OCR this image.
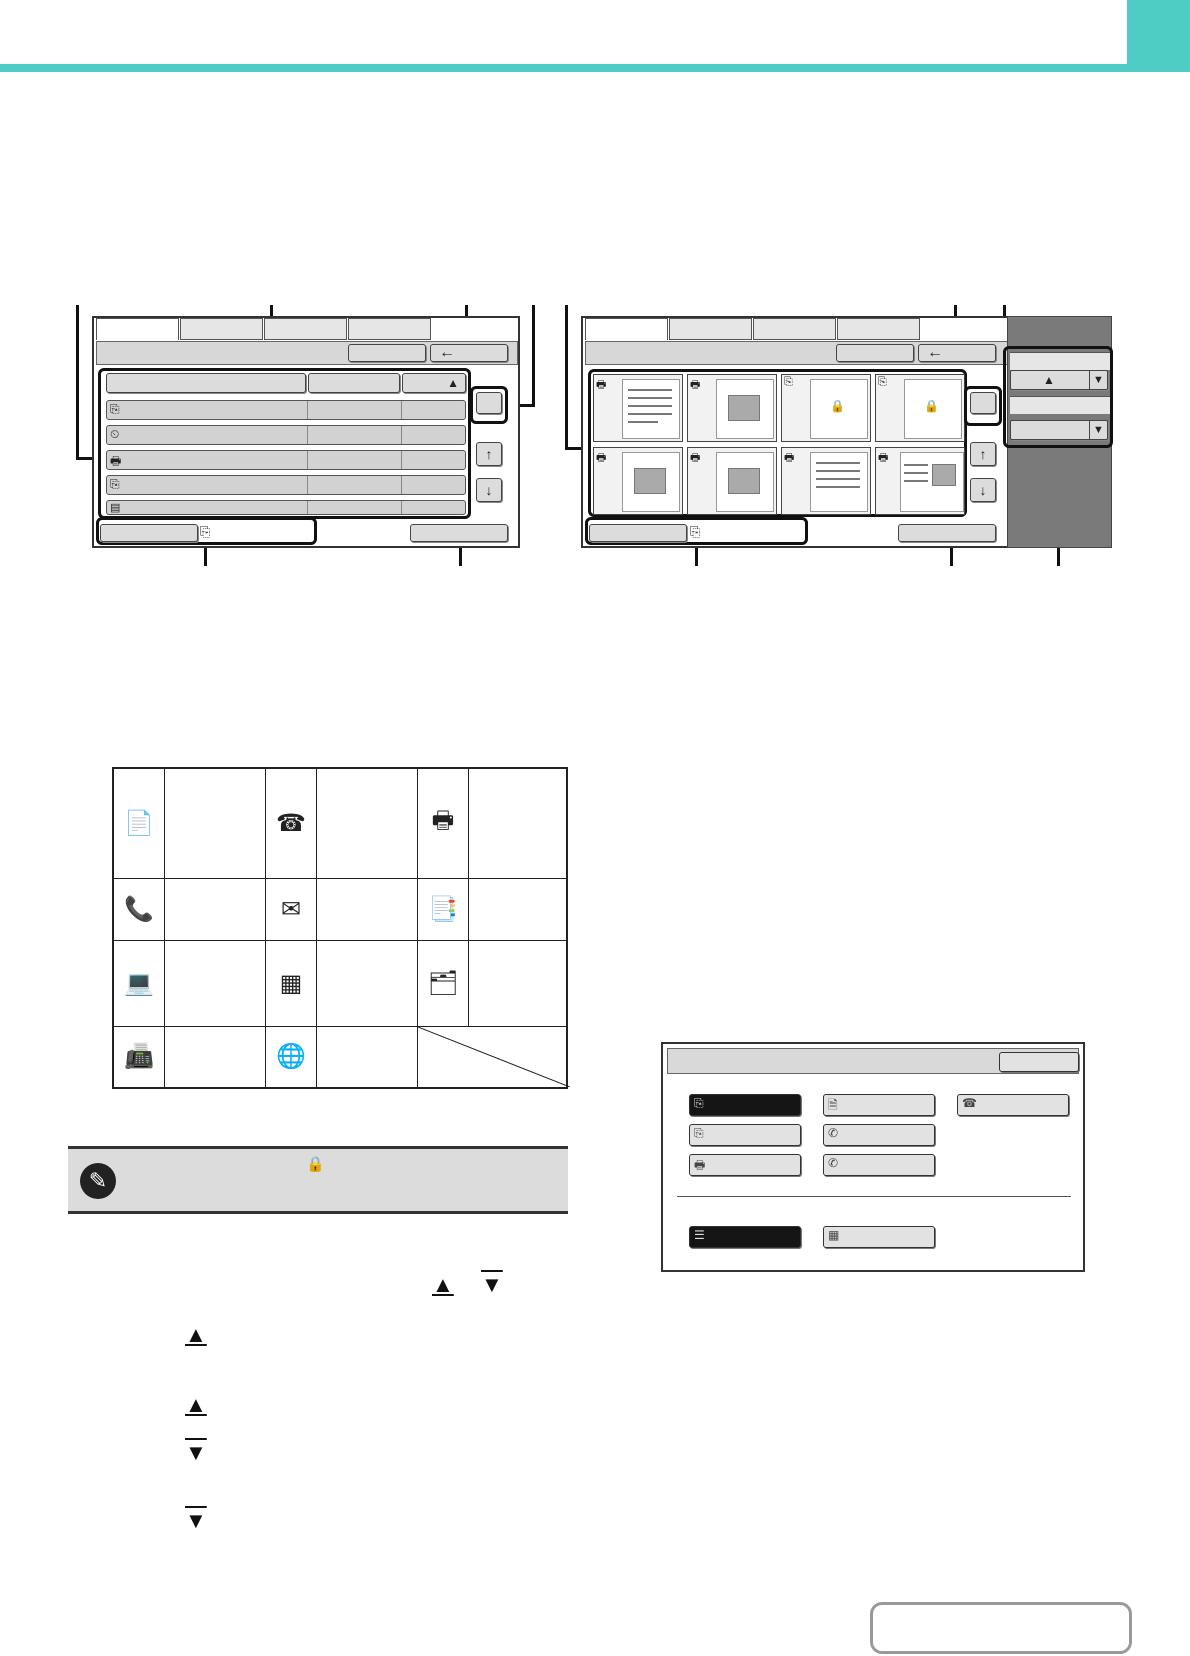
←
▲
⎘
⏲
🖶
⎘
▤
↑
↓
⎘
←
🖶	🖶	⎘
🔒
⎘
🔒
🖶	🖶	🖶	🖶	↑
↓
⎘
▲	▼
▼
📄		☎		🖶	
📞		✉		📑	
💻		▦		🗂	
📠		🌐		
✎
🔒
▲ ▼
▲
▲
▼
▼
⎘	🗎	☎
⎘	✆
🖶	✆
☰	▦
